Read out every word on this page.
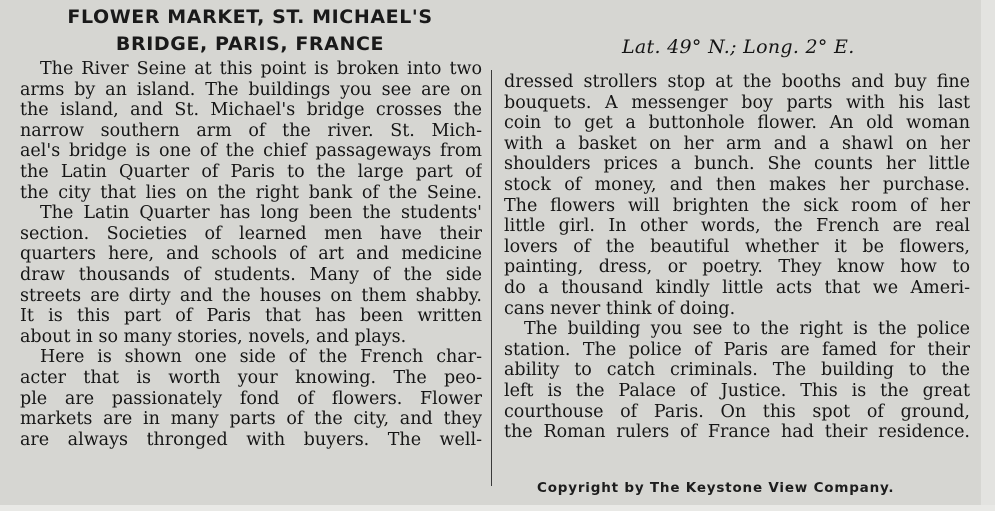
FLOWER MARKET, ST. MICHAEL'S
BRIDGE, PARIS, FRANCE	Lat. 49° N.; Long. 2° E.
The River Seine at this point is broken into two
arms by an island. The buildings you see are on
the island, and St. Michael's bridge crosses the
narrow southern arm of the river. St. Mich-
ael's bridge is one of the chief passageways from
the Latin Quarter of Paris to the large part of
the city that lies on the right bank of the Seine.
The Latin Quarter has long been the students'
section. Societies of learned men have their
quarters here, and schools of art and medicine
draw thousands of students. Many of the side
streets are dirty and the houses on them shabby.
It is this part of Paris that has been written
about in so many stories, novels, and plays.
Here is shown one side of the French char-
acter that is worth your knowing. The peo-
ple are passionately fond of flowers. Flower
markets are in many parts of the city, and they
are always thronged with buyers. The well-
dressed strollers stop at the booths and buy fine
bouquets. A messenger boy parts with his last
coin to get a buttonhole flower. An old woman
with a basket on her arm and a shawl on her
shoulders prices a bunch. She counts her little
stock of money, and then makes her purchase.
The flowers will brighten the sick room of her
little girl. In other words, the French are real
lovers of the beautiful whether it be flowers,
painting, dress, or poetry. They know how to
do a thousand kindly little acts that we Ameri-
cans never think of doing.
The building you see to the right is the police
station. The police of Paris are famed for their
ability to catch criminals. The building to the
left is the Palace of Justice. This is the great
courthouse of Paris. On this spot of ground,
the Roman rulers of France had their residence.
Copyright by The Keystone View Company.
